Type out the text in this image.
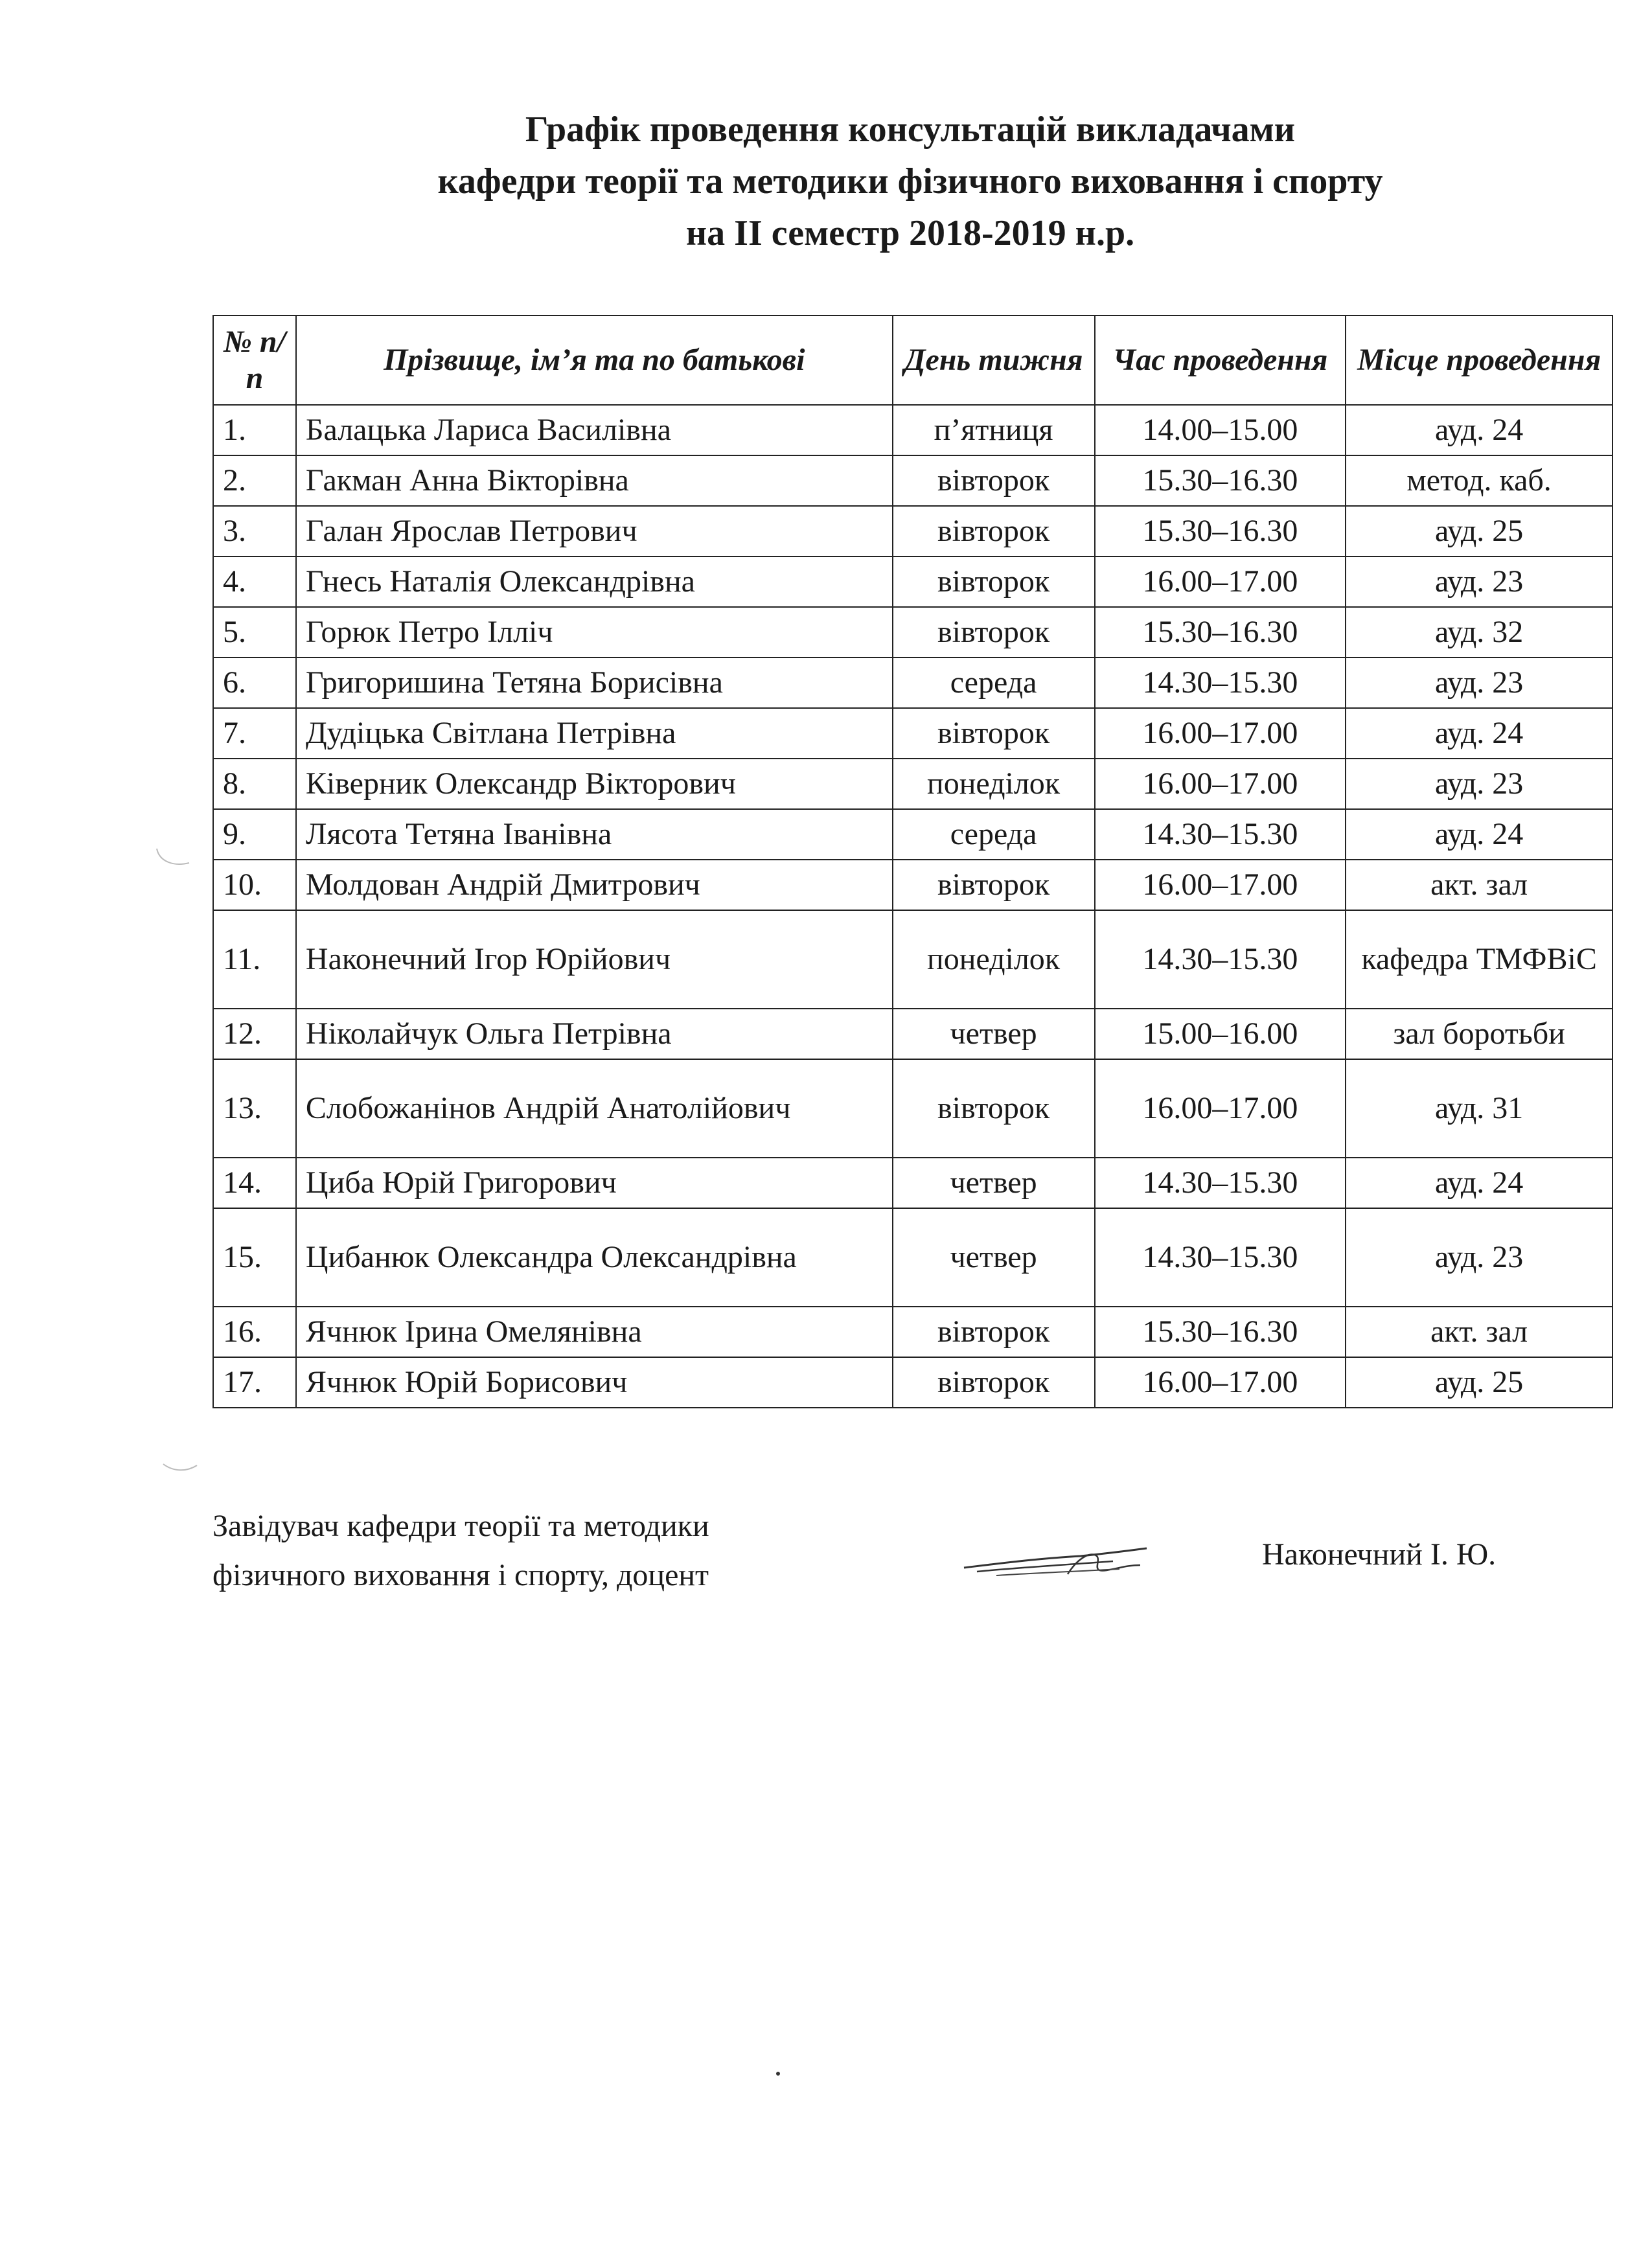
Графік проведення консультацій викладачами
кафедри теорії та методики фізичного виховання і спорту
на ІІ семестр 2018-2019 н.р.
№ п/п	Прізвище, ім’я та по батькові	День тижня	Час проведення	Місце проведення
1.	Балацька Лариса Василівна	п’ятниця	14.00–15.00	ауд. 24
2.	Гакман Анна Вікторівна	вівторок	15.30–16.30	метод. каб.
3.	Галан Ярослав Петрович	вівторок	15.30–16.30	ауд. 25
4.	Гнесь Наталія Олександрівна	вівторок	16.00–17.00	ауд. 23
5.	Горюк Петро Ілліч	вівторок	15.30–16.30	ауд. 32
6.	Григоришина Тетяна Борисівна	середа	14.30–15.30	ауд. 23
7.	Дудіцька Світлана Петрівна	вівторок	16.00–17.00	ауд. 24
8.	Ківерник Олександр Вікторович	понеділок	16.00–17.00	ауд. 23
9.	Лясота Тетяна Іванівна	середа	14.30–15.30	ауд. 24
10.	Молдован Андрій Дмитрович	вівторок	16.00–17.00	акт. зал
11.	Наконечний Ігор Юрійович	понеділок	14.30–15.30	кафедра ТМФВіС
12.	Ніколайчук Ольга Петрівна	четвер	15.00–16.00	зал боротьби
13.	Слобожанінов Андрій Анатолійович	вівторок	16.00–17.00	ауд. 31
14.	Циба Юрій Григорович	четвер	14.30–15.30	ауд. 24
15.	Цибанюк Олександра Олександрівна	четвер	14.30–15.30	ауд. 23
16.	Ячнюк Ірина Омелянівна	вівторок	15.30–16.30	акт. зал
17.	Ячнюк Юрій Борисович	вівторок	16.00–17.00	ауд. 25
Завідувач кафедри теорії та методики
фізичного виховання і спорту, доцент
Наконечний І. Ю.
